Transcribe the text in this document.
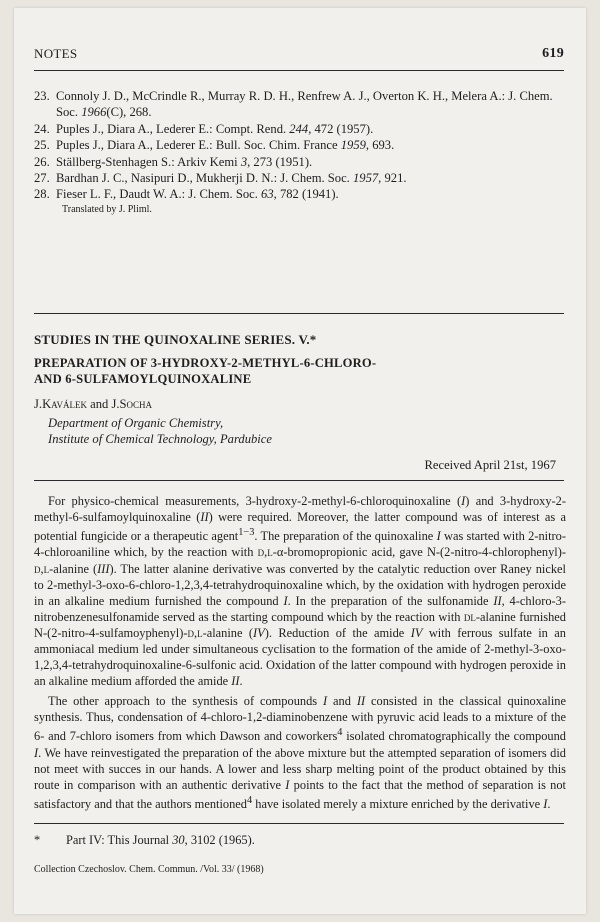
NOTES	619
23. Connoly J. D., McCrindle R., Murray R. D. H., Renfrew A. J., Overton K. H., Melera A.: J. Chem. Soc. 1966(C), 268.
24. Puples J., Diara A., Lederer E.: Compt. Rend. 244, 472 (1957).
25. Puples J., Diara A., Lederer E.: Bull. Soc. Chim. France 1959, 693.
26. Ställberg-Stenhagen S.: Arkiv Kemi 3, 273 (1951).
27. Bardhan J. C., Nasipuri D., Mukherji D. N.: J. Chem. Soc. 1957, 921.
28. Fieser L. F., Daudt W. A.: J. Chem. Soc. 63, 782 (1941).
Translated by J. Pliml.
STUDIES IN THE QUINOXALINE SERIES. V.*
PREPARATION OF 3-HYDROXY-2-METHYL-6-CHLORO-
AND 6-SULFAMOYLQUINOXALINE
J.Kaválek and J.Socha
Department of Organic Chemistry,
Institute of Chemical Technology, Pardubice
Received April 21st, 1967

For physico-chemical measurements, 3-hydroxy-2-methyl-6-chloroquinoxaline (I) and 3-hydroxy-2-methyl-6-sulfamoylquinoxaline (II) were required. Moreover, the latter compound was of interest as a potential fungicide or a therapeutic agent$^{1-3}$. The preparation of the quinoxaline I was started with 2-nitro-4-chloroaniline which, by the reaction with d,l-α-bromopropionic acid, gave N-(2-nitro-4-chlorophenyl)-d,l-alanine (III). The latter alanine derivative was converted by the catalytic reduction over Raney nickel to 2-methyl-3-oxo-6-chloro-1,2,3,4-tetrahydroquinoxaline which, by the oxidation with hydrogen peroxide in an alkaline medium furnished the compound I. In the preparation of the sulfonamide II, 4-chloro-3-nitrobenzenesulfonamide served as the starting compound which by the reaction with dl-alanine furnished N-(2-nitro-4-sulfamoyphenyl)-d,l-alanine (IV). Reduction of the amide IV with ferrous sulfate in an ammoniacal medium led under simultaneous cyclisation to the formation of the amide of 2-methyl-3-oxo-1,2,3,4-tetrahydroquinoxaline-6-sulfonic acid. Oxidation of the latter compound with hydrogen peroxide in an alkaline medium afforded the amide II.

The other approach to the synthesis of compounds I and II consisted in the classical quinoxaline synthesis. Thus, condensation of 4-chloro-1,2-diaminobenzene with pyruvic acid leads to a mixture of the 6- and 7-chloro isomers from which Dawson and coworkers$^4$ isolated chromatographically the compound I. We have reinvestigated the preparation of the above mixture but the attempted separation of isomers did not meet with succes in our hands. A lower and less sharp melting point of the product obtained by this route in comparison with an authentic derivative I points to the fact that the method of separation is not satisfactory and that the authors mentioned$^4$ have isolated merely a mixture enriched by the derivative I.

* Part IV: This Journal 30, 3102 (1965).
Collection Czechoslov. Chem. Commun. /Vol. 33/ (1968)
